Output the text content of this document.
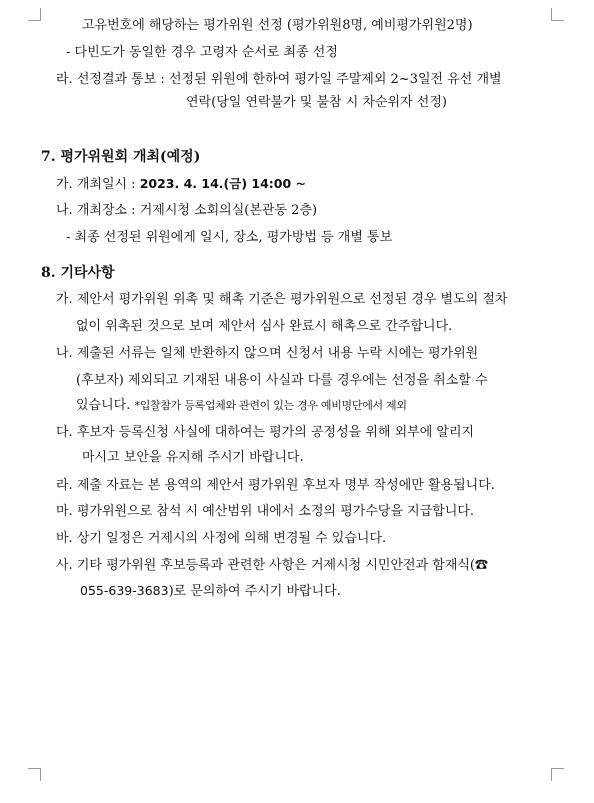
고유번호에 해당하는 평가위원 선정 (평가위원8명, 예비평가위원2명)
- 다빈도가 동일한 경우 고령자 순서로 최종 선정
라. 선정결과 통보 : 선정된 위원에 한하여 평가일 주말제외 2~3일전 유선 개별
연락(당일 연락불가 및 불참 시 차순위자 선정)
7. 평가위원회 개최(예정)
가. 개최일시 : 2023. 4. 14.(금) 14:00 ~
나. 개최장소 : 거제시청 소회의실(본관동 2층)
- 최종 선정된 위원에게 일시, 장소, 평가방법 등 개별 통보
8. 기타사항
가. 제안서 평가위원 위촉 및 해촉 기준은 평가위원으로 선정된 경우 별도의 절차
없이 위촉된 것으로 보며 제안서 심사 완료시 해촉으로 간주합니다.
나. 제출된 서류는 일체 반환하지 않으며 신청서 내용 누락 시에는 평가위원
(후보자) 제외되고 기재된 내용이 사실과 다를 경우에는 선정을 취소할 수
있습니다. *입찰참가 등록업체와 관련이 있는 경우 예비명단에서 제외
다. 후보자 등록신청 사실에 대하여는 평가의 공정성을 위해 외부에 알리지
마시고 보안을 유지해 주시기 바랍니다.
라. 제출 자료는 본 용역의 제안서 평가위원 후보자 명부 작성에만 활용됩니다.
마. 평가위원으로 참석 시 예산범위 내에서 소정의 평가수당을 지급합니다.
바. 상기 일정은 거제시의 사정에 의해 변경될 수 있습니다.
사. 기타 평가위원 후보등록과 관련한 사항은 거제시청 시민안전과 함재식(☎
055-639-3683)로 문의하여 주시기 바랍니다.
